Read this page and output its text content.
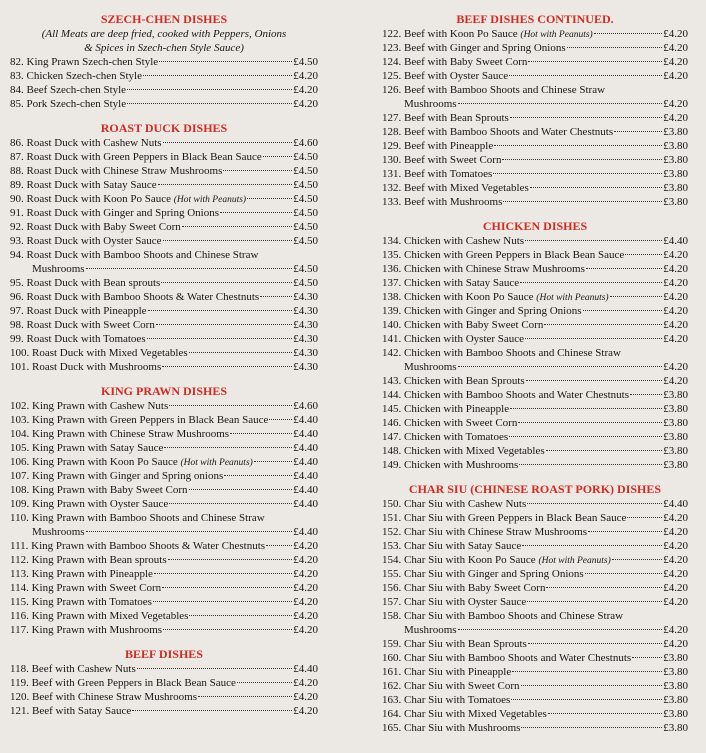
SZECH-CHEN DISHES
(All Meats are deep fried, cooked with Peppers, Onions
& Spices in Szech-chen Style Sauce)
82. King Prawn Szech-chen Style	£4.50
83. Chicken Szech-chen Style	£4.20
84. Beef Szech-chen Style	£4.20
85. Pork Szech-chen Style	£4.20
ROAST DUCK DISHES
86. Roast Duck with Cashew Nuts	£4.60
87. Roast Duck with Green Peppers in Black Bean Sauce	£4.50
88. Roast Duck with Chinese Straw Mushrooms	£4.50
89. Roast Duck with Satay Sauce	£4.50
90. Roast Duck with Koon Po Sauce (Hot with Peanuts)	£4.50
91. Roast Duck with Ginger and Spring Onions	£4.50
92. Roast Duck with Baby Sweet Corn	£4.50
93. Roast Duck with Oyster Sauce	£4.50
94. Roast Duck with Bamboo Shoots and Chinese Straw
Mushrooms	£4.50
95. Roast Duck with Bean sprouts	£4.50
96. Roast Duck with Bamboo Shoots & Water Chestnuts	£4.30
97. Roast Duck with Pineapple	£4.30
98. Roast Duck with Sweet Corn	£4.30
99. Roast Duck with Tomatoes	£4.30
100. Roast Duck with Mixed Vegetables	£4.30
101. Roast Duck with Mushrooms	£4.30
KING PRAWN DISHES
102. King Prawn with Cashew Nuts	£4.60
103. King Prawn with Green Peppers in Black Bean Sauce £4.40
104. King Prawn with Chinese Straw Mushrooms	£4.40
105. King Prawn with Satay Sauce	£4.40
106. King Prawn with Koon Po Sauce (Hot with Peanuts)	£4.40
107. King Prawn with Ginger and Spring onions	£4.40
108. King Prawn with Baby Sweet Corn	£4.40
109. King Prawn with Oyster Sauce	£4.40
110. King Prawn with Bamboo Shoots and Chinese Straw
Mushrooms	£4.40
111. King Prawn with Bamboo Shoots & Water Chestnuts	£4.20
112. King Prawn with Bean sprouts	£4.20
113. King Prawn with Pineapple	£4.20
114. King Prawn with Sweet Corn	£4.20
115. King Prawn with Tomatoes	£4.20
116. King Prawn with Mixed Vegetables	£4.20
117. King Prawn with Mushrooms	£4.20
BEEF DISHES
118. Beef with Cashew Nuts	£4.40
119. Beef with Green Peppers in Black Bean Sauce	£4.20
120. Beef with Chinese Straw Mushrooms	£4.20
121. Beef with Satay Sauce	£4.20
BEEF DISHES CONTINUED.
122. Beef with Koon Po Sauce (Hot with Peanuts)	£4.20
123. Beef with Ginger and Spring Onions	£4.20
124. Beef with Baby Sweet Corn	£4.20
125. Beef with Oyster Sauce	£4.20
126. Beef with Bamboo Shoots and Chinese Straw
Mushrooms	£4.20
127. Beef with Bean Sprouts	£4.20
128. Beef with Bamboo Shoots and Water Chestnuts	£3.80
129. Beef with Pineapple	£3.80
130. Beef with Sweet Corn	£3.80
131. Beef with Tomatoes	£3.80
132. Beef with Mixed Vegetables	£3.80
133. Beef with Mushrooms	£3.80
CHICKEN DISHES
134. Chicken with Cashew Nuts	£4.40
135. Chicken with Green Peppers in Black Bean Sauce	£4.20
136. Chicken with Chinese Straw Mushrooms	£4.20
137. Chicken with Satay Sauce	£4.20
138. Chicken with Koon Po Sauce (Hot with Peanuts)	£4.20
139. Chicken with Ginger and Spring Onions	£4.20
140. Chicken with Baby Sweet Corn	£4.20
141. Chicken with Oyster Sauce	£4.20
142. Chicken with Bamboo Shoots and Chinese Straw
Mushrooms	£4.20
143. Chicken with Bean Sprouts	£4.20
144. Chicken with Bamboo Shoots and Water Chestnuts	£3.80
145. Chicken with Pineapple	£3.80
146. Chicken with Sweet Corn	£3.80
147. Chicken with Tomatoes	£3.80
148. Chicken with Mixed Vegetables	£3.80
149. Chicken with Mushrooms	£3.80
CHAR SIU (CHINESE ROAST PORK) DISHES
150. Char Siu with Cashew Nuts	£4.40
151. Char Siu with Green Peppers in Black Bean Sauce	£4.20
152. Char Siu with Chinese Straw Mushrooms	£4.20
153. Char Siu with Satay Sauce	£4.20
154. Char Siu with Koon Po Sauce (Hot with Peanuts)	£4.20
155. Char Siu with Ginger and Spring Onions	£4.20
156. Char Siu with Baby Sweet Corn	£4.20
157. Char Siu with Oyster Sauce	£4.20
158. Char Siu with Bamboo Shoots and Chinese Straw
Mushrooms	£4.20
159. Char Siu with Bean Sprouts	£4.20
160. Char Siu with Bamboo Shoots and Water Chestnuts	£3.80
161. Char Siu with Pineapple	£3.80
162. Char Siu with Sweet Corn	£3.80
163. Char Siu with Tomatoes	£3.80
164. Char Siu with Mixed Vegetables	£3.80
165. Char Siu with Mushrooms	£3.80
